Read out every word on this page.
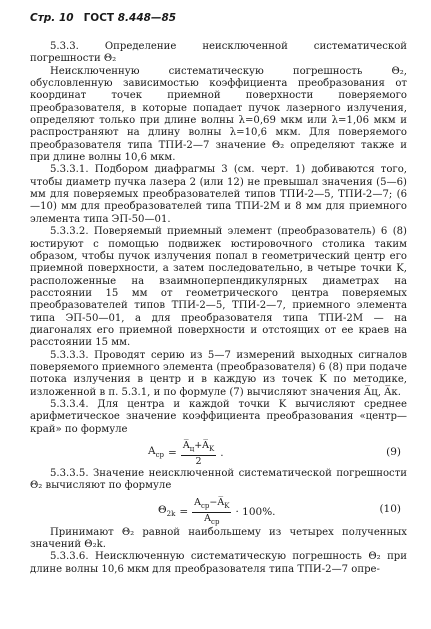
Стр. 10 ГОСТ 8.448—85

5.3.3. Определение неисключенной систематической погрешности Θ₂

Неисключенную систематическую погрешность Θ₂, обусловленную зависимостью коэффициента преобразования от координат точек приемной поверхности поверяемого преобразователя, в которые попадает пучок лазерного излучения, определяют только при длине волны λ=0,69 мкм или λ=1,06 мкм и распространяют на длину волны λ=10,6 мкм. Для поверяемого преобразователя типа ТПИ-2—7 значение Θ₂ определяют также и при длине волны 10,6 мкм.

5.3.3.1. Подбором диафрагмы 3 (см. черт. 1) добиваются того, чтобы диаметр пучка лазера 2 (или 12) не превышал значения (5—6) мм для поверяемых преобразователей типов ТПИ-2—5, ТПИ-2—7; (6—10) мм для преобразователей типа ТПИ-2М и 8 мм для приемного элемента типа ЭП-50—01.

5.3.3.2. Поверяемый приемный элемент (преобразователь) 6 (8) юстируют с помощью подвижек юстировочного столика таким образом, чтобы пучок излучения попал в геометрический центр его приемной поверхности, а затем последовательно, в четыре точки K, расположенные на взаимноперпендикулярных диаметрах на расстоянии 15 мм от геометрического центра поверяемых преобразователей типов ТПИ-2—5, ТПИ-2—7, приемного элемента типа ЭП-50—01, а для преобразователя типа ТПИ-2М — на диагоналях его приемной поверхности и отстоящих от ее краев на расстоянии 15 мм.

5.3.3.3. Проводят серию из 5—7 измерений выходных сигналов поверяемого приемного элемента (преобразователя) 6 (8) при подаче потока излучения в центр и в каждую из точек K по методике, изложенной в п. 5.3.1, и по формуле (7) вычисляют значения A̅ц, A̅к.

5.3.3.4. Для центра и каждой точки K вычисляют среднее арифметическое значение коэффициента преобразования «центр—край» по формуле

$A_{ср} = \frac{A̅_ц+A̅_K}{2}$ .	(9)

5.3.3.5. Значение неисключенной систематической погрешности Θ₂ вычисляют по формуле

$\Theta_{2k} = \frac{A_{ср}-A̅_K}{A_{ср}} \cdot 100\%$.	(10)

Принимают Θ₂ равной наибольшему из четырех полученных значений Θ₂k.

5.3.3.6. Неисключенную систематическую погрешность Θ₂ при длине волны 10,6 мкм для преобразователя типа ТПИ-2—7 опре-
